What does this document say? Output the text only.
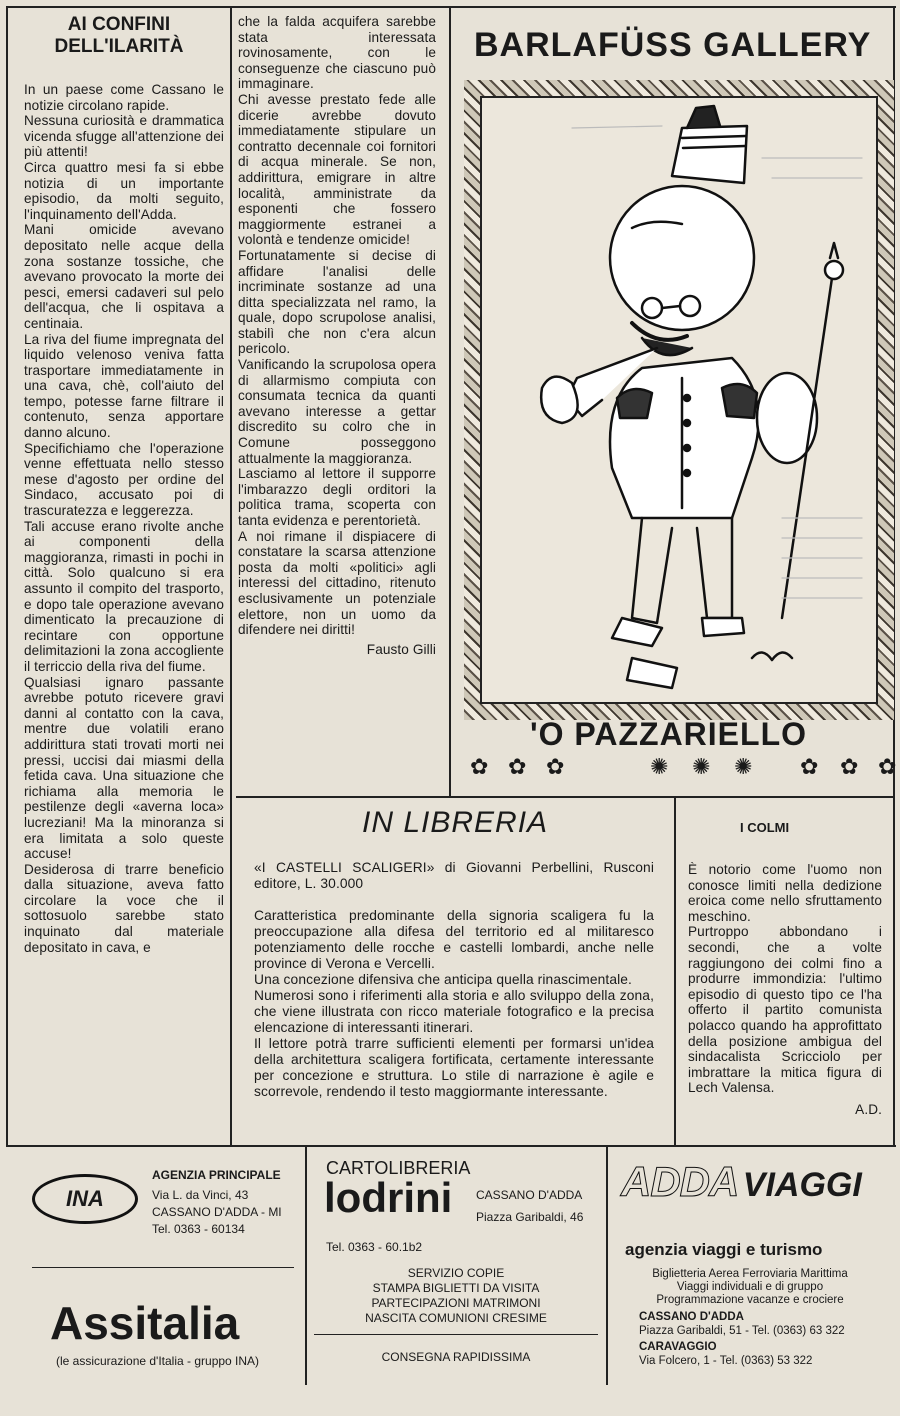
AI CONFINI
DELL'ILARITÀ

In un paese come Cassano le notizie circolano rapide.

Nessuna curiosità e drammatica vicenda sfugge all'attenzione dei più attenti!

Circa quattro mesi fa si ebbe notizia di un importante episodio, da molti seguito, l'inquinamento dell'Adda.

Mani omicide avevano depositato nelle acque della zona sostanze tossiche, che avevano provocato la morte dei pesci, emersi cadaveri sul pelo dell'acqua, che li ospitava a centinaia.

La riva del fiume impregnata del liquido velenoso veniva fatta trasportare immediatamente in una cava, chè, coll'aiuto del tempo, potesse farne filtrare il contenuto, senza apportare danno alcuno.

Specifichiamo che l'operazione venne effettuata nello stesso mese d'agosto per ordine del Sindaco, accusato poi di trascuratezza e leggerezza.

Tali accuse erano rivolte anche ai componenti della maggioranza, rimasti in pochi in città. Solo qualcuno si era assunto il compito del trasporto, e dopo tale operazione avevano dimenticato la precauzione di recintare con opportune delimitazioni la zona accogliente il terriccio della riva del fiume.

Qualsiasi ignaro passante avrebbe potuto ricevere gravi danni al contatto con la cava, mentre due volatili erano addirittura stati trovati morti nei pressi, uccisi dai miasmi della fetida cava. Una situazione che richiama alla memoria le pestilenze degli «averna loca» lucreziani! Ma la minoranza si era limitata a solo queste accuse!

Desiderosa di trarre beneficio dalla situazione, aveva fatto circolare la voce che il sottosuolo sarebbe stato inquinato dal materiale depositato in cava, e

che la falda acquifera sarebbe stata interessata rovinosamente, con le conseguenze che ciascuno può immaginare.

Chi avesse prestato fede alle dicerie avrebbe dovuto immediatamente stipulare un contratto decennale coi fornitori di acqua minerale. Se non, addirittura, emigrare in altre località, amministrate da esponenti che fossero maggiormente estranei a volontà e tendenze omicide!

Fortunatamente si decise di affidare l'analisi delle incriminate sostanze ad una ditta specializzata nel ramo, la quale, dopo scrupolose analisi, stabilì che non c'era alcun pericolo.

Vanificando la scrupolosa opera di allarmismo compiuta con consumata tecnica da quanti avevano interesse a gettar discredito su colro che in Comune posseggono attualmente la maggioranza.

Lasciamo al lettore il supporre l'imbarazzo degli orditori la politica trama, scoperta con tanta evidenza e perentorietà.

A noi rimane il dispiacere di constatare la scarsa attenzione posta da molti «politici» agli interessi del cittadino, ritenuto esclusivamente un potenziale elettore, non un uomo da difendere nei diritti!

Fausto Gilli

BARLAFÜSS GALLERY
'O PAZZARIELLO
✿ ✿ ✿	✺ ✺ ✺ ✿ ✿ ✿
IN LIBRERIA

«I CASTELLI SCALIGERI» di Giovanni Perbellini, Rusconi editore, L. 30.000

Caratteristica predominante della signoria scaligera fu la preoccupazione alla difesa del territorio ed al militaresco potenziamento delle rocche e castelli lombardi, anche nelle province di Verona e Vercelli.

Una concezione difensiva che anticipa quella rinascimentale.

Numerosi sono i riferimenti alla storia e allo sviluppo della zona, che viene illustrata con ricco materiale fotografico e la precisa elencazione di interessanti itinerari.

Il lettore potrà trarre sufficienti elementi per formarsi un'idea della architettura scaligera fortificata, certamente interessante per concezione e struttura. Lo stile di narrazione è agile e scorrevole, rendendo il testo maggiormante interessante.

I COLMI

È notorio come l'uomo non conosce limiti nella dedizione eroica come nello sfruttamento meschino.

Purtroppo abbondano i secondi, che a volte raggiungono dei colmi fino a produrre immondizia: l'ultimo episodio di questo tipo ce l'ha offerto il partito comunista polacco quando ha approfittato della posizione ambigua del sindacalista Scricciolo per imbrattare la mitica figura di Lech Valensa.

A.D.

INA
AGENZIA PRINCIPALE
Via L. da Vinci, 43
CASSANO D'ADDA - MI
Tel. 0363 - 60134
Assitalia
(le assicurazione d'Italia - gruppo INA)
CARTOLIBRERIA
lodrini CASSANO D'ADDA
Piazza Garibaldi, 46
Tel. 0363 - 60.1b2
SERVIZIO COPIE
STAMPA BIGLIETTI DA VISITA
PARTECIPAZIONI MATRIMONI
NASCITA COMUNIONI CRESIME
CONSEGNA RAPIDISSIMA
ADDA VIAGGI
agenzia viaggi e turismo
Biglietteria Aerea Ferroviaria Marittima
Viaggi individuali e di gruppo
Programmazione vacanze e crociere
CASSANO D'ADDA
Piazza Garibaldi, 51 - Tel. (0363) 63 322
CARAVAGGIO
Via Folcero, 1 - Tel. (0363) 53 322
